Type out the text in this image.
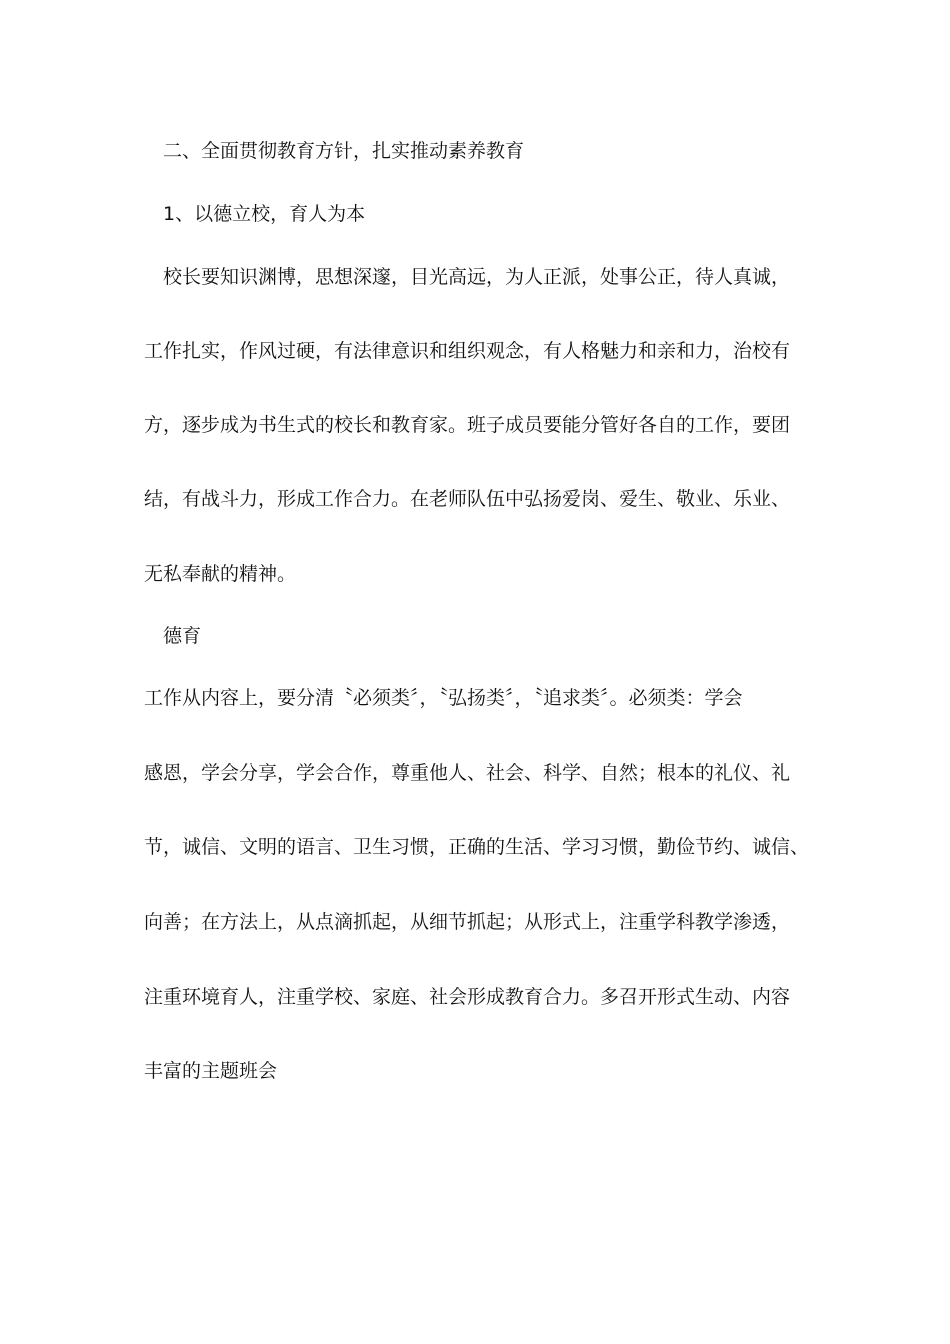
二、全面贯彻教育方针，扎实推动素养教育
1、以德立校，育人为本
校长要知识渊博，思想深邃，目光高远，为人正派，处事公正，待人真诚，
工作扎实，作风过硬，有法律意识和组织观念，有人格魅力和亲和力，治校有
方，逐步成为书生式的校长和教育家。班子成员要能分管好各自的工作，要团
结，有战斗力，形成工作合力。在老师队伍中弘扬爱岗、爱生、敬业、乐业、
无私奉献的精神。
德育
工作从内容上，要分清〝必须类〞，〝弘扬类〞，〝追求类〞。必须类：学会
感恩，学会分享，学会合作，尊重他人、社会、科学、自然；根本的礼仪、礼
节，诚信、文明的语言、卫生习惯，正确的生活、学习习惯，勤俭节约、诚信、
向善；在方法上，从点滴抓起，从细节抓起；从形式上，注重学科教学渗透，
注重环境育人，注重学校、家庭、社会形成教育合力。多召开形式生动、内容
丰富的主题班会
